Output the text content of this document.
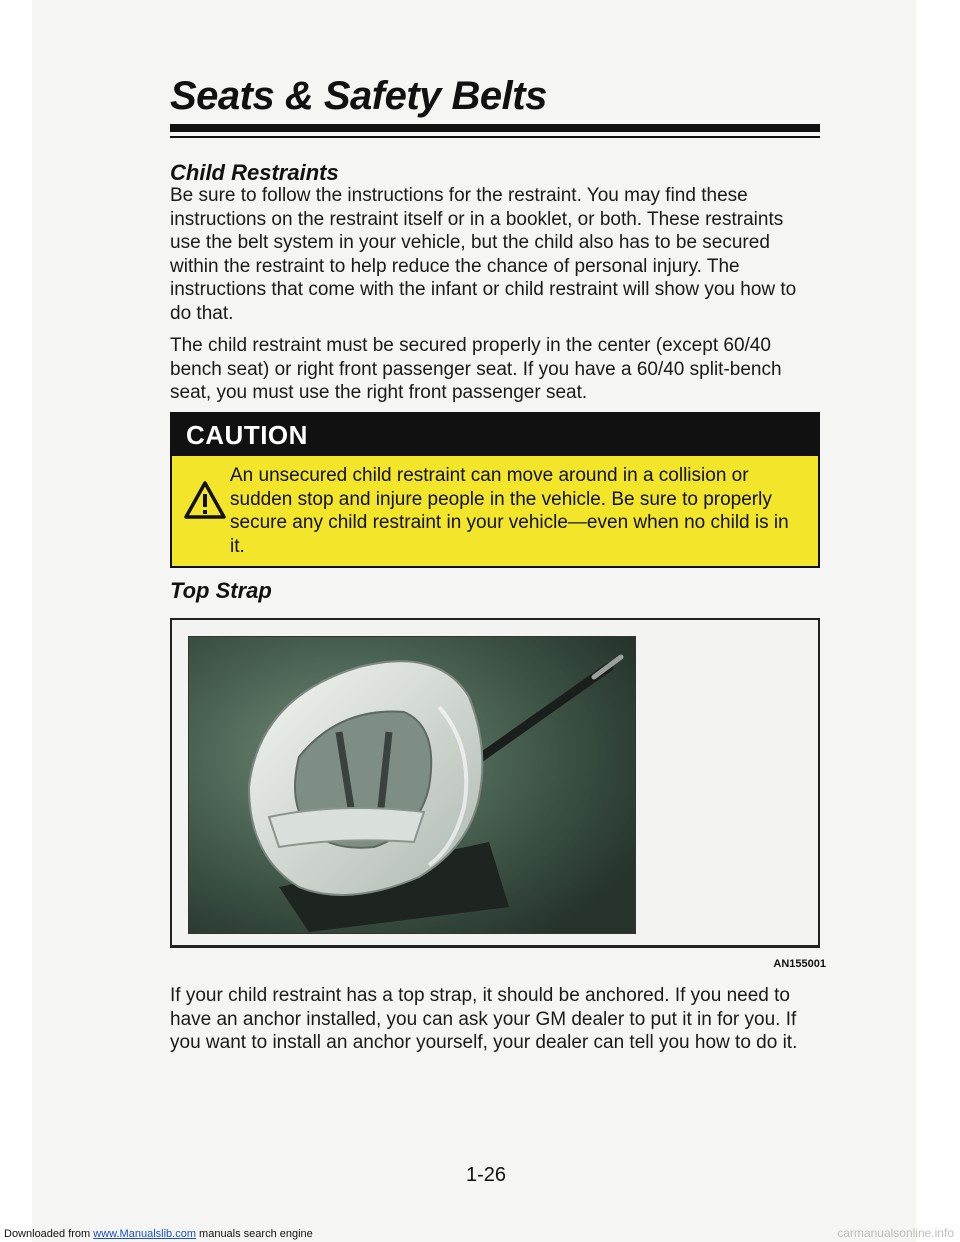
Seats & Safety Belts
Child Restraints

Be sure to follow the instructions for the restraint. You may find these
instructions on the restraint itself or in a booklet, or both. These restraints
use the belt system in your vehicle, but the child also has to be secured
within the restraint to help reduce the chance of personal injury. The
instructions that come with the infant or child restraint will show you how to
do that.

The child restraint must be secured properly in the center (except 60/40
bench seat) or right front passenger seat. If you have a 60/40 split-bench
seat, you must use the right front passenger seat.

CAUTION

An unsecured child restraint can move around in a collision or
sudden stop and injure people in the vehicle. Be sure to properly
secure any child restraint in your vehicle—even when no child is in
it.

Top Strap
AN155001

If your child restraint has a top strap, it should be anchored. If you need to
have an anchor installed, you can ask your GM dealer to put it in for you. If
you want to install an anchor yourself, your dealer can tell you how to do it.

1-26
Downloaded from www.Manualslib.com manuals search engine	carmanualsonline.info
